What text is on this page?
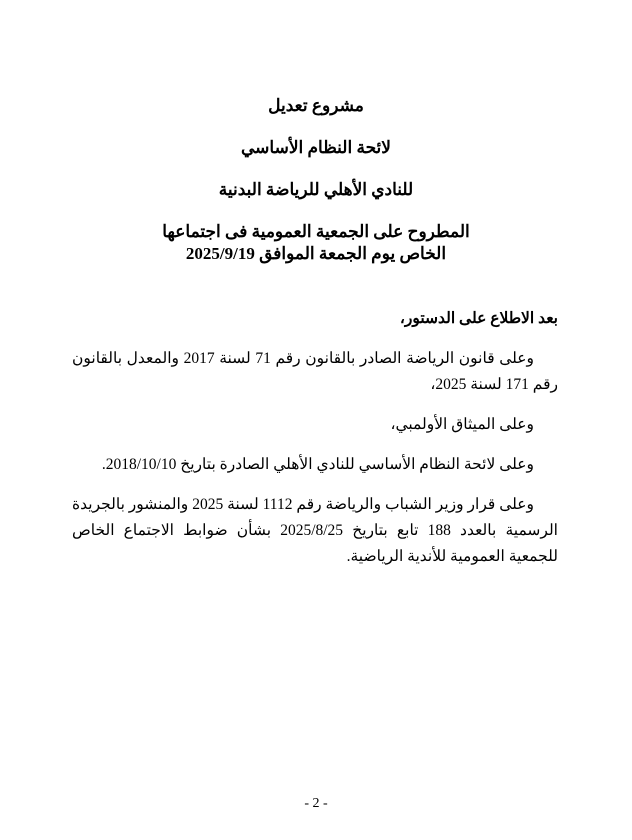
مشروع تعديل

لائحة النظام الأساسي

للنادي الأهلي للرياضة البدنية

المطروح على الجمعية العمومية فى اجتماعها

الخاص يوم الجمعة الموافق 2025/9/19

بعد الاطلاع على الدستور،

وعلى قانون الرياضة الصادر بالقانون رقم 71 لسنة 2017 والمعدل بالقانون رقم 171 لسنة 2025،

وعلى الميثاق الأولمبي،

وعلى لائحة النظام الأساسي للنادي الأهلي الصادرة بتاريخ 2018/10/10.

وعلى قرار وزير الشباب والرياضة رقم 1112 لسنة 2025 والمنشور بالجريدة الرسمية بالعدد 188 تابع بتاريخ 2025/8/25 بشأن ضوابط الاجتماع الخاص للجمعية العمومية للأندية الرياضية.

- 2 -
